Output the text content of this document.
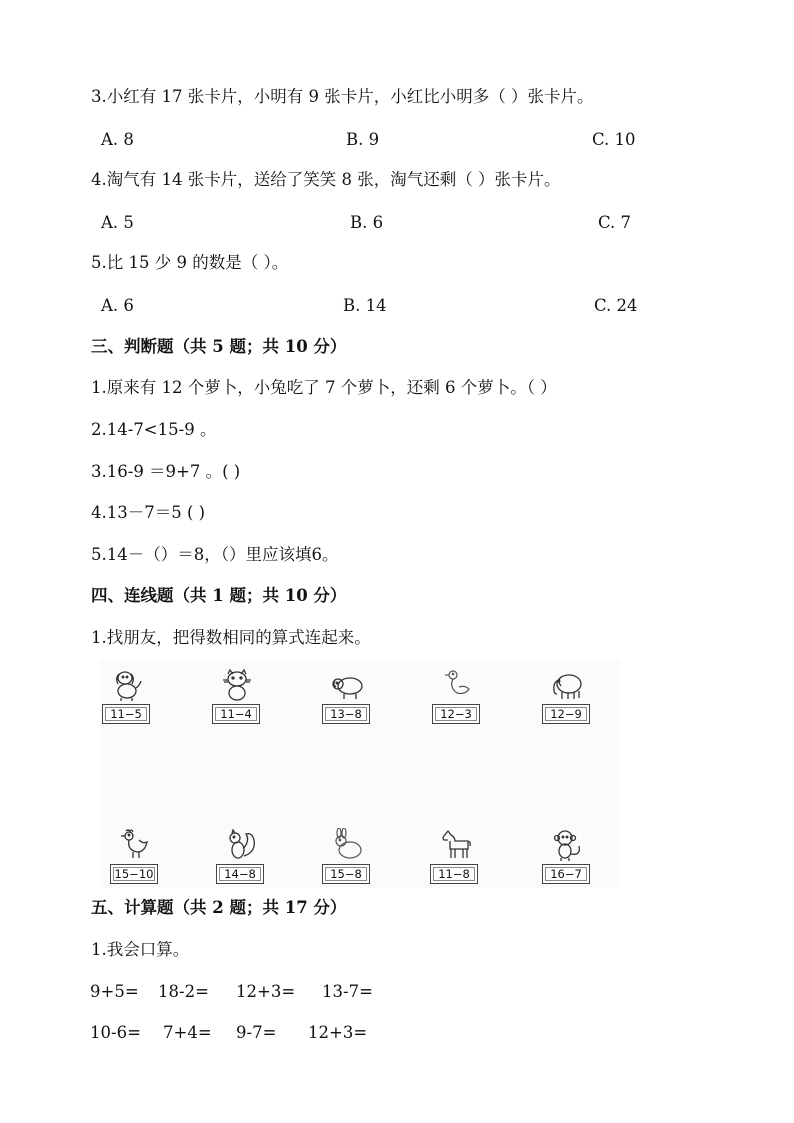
3.小红有 17 张卡片，小明有 9 张卡片，小红比小明多（ ）张卡片。
A. 8	B. 9	C. 10
4.淘气有 14 张卡片，送给了笑笑 8 张，淘气还剩（ ）张卡片。
A. 5	B. 6	C. 7
5.比 15 少 9 的数是（ ）。
A. 6	B. 14	C. 24
三、判断题（共 5 题；共 10 分）
1.原来有 12 个萝卜，小兔吃了 7 个萝卜，还剩 6 个萝卜。（ ）
2.14-7<15-9 。
3.16-9 ＝9+7 。( )
4.13－7＝5 ( )
5.14－（）＝8，（）里应该填6。
四、连线题（共 1 题；共 10 分）
1.找朋友，把得数相同的算式连起来。
11−5	11−4	13−8	12−3	12−9
15−10	14−8	15−8	11−8	16−7
五、计算题（共 2 题；共 17 分）
1.我会口算。
9+5= 18-2= 12+3= 13-7=
10-6= 7+4= 9-7= 12+3=
